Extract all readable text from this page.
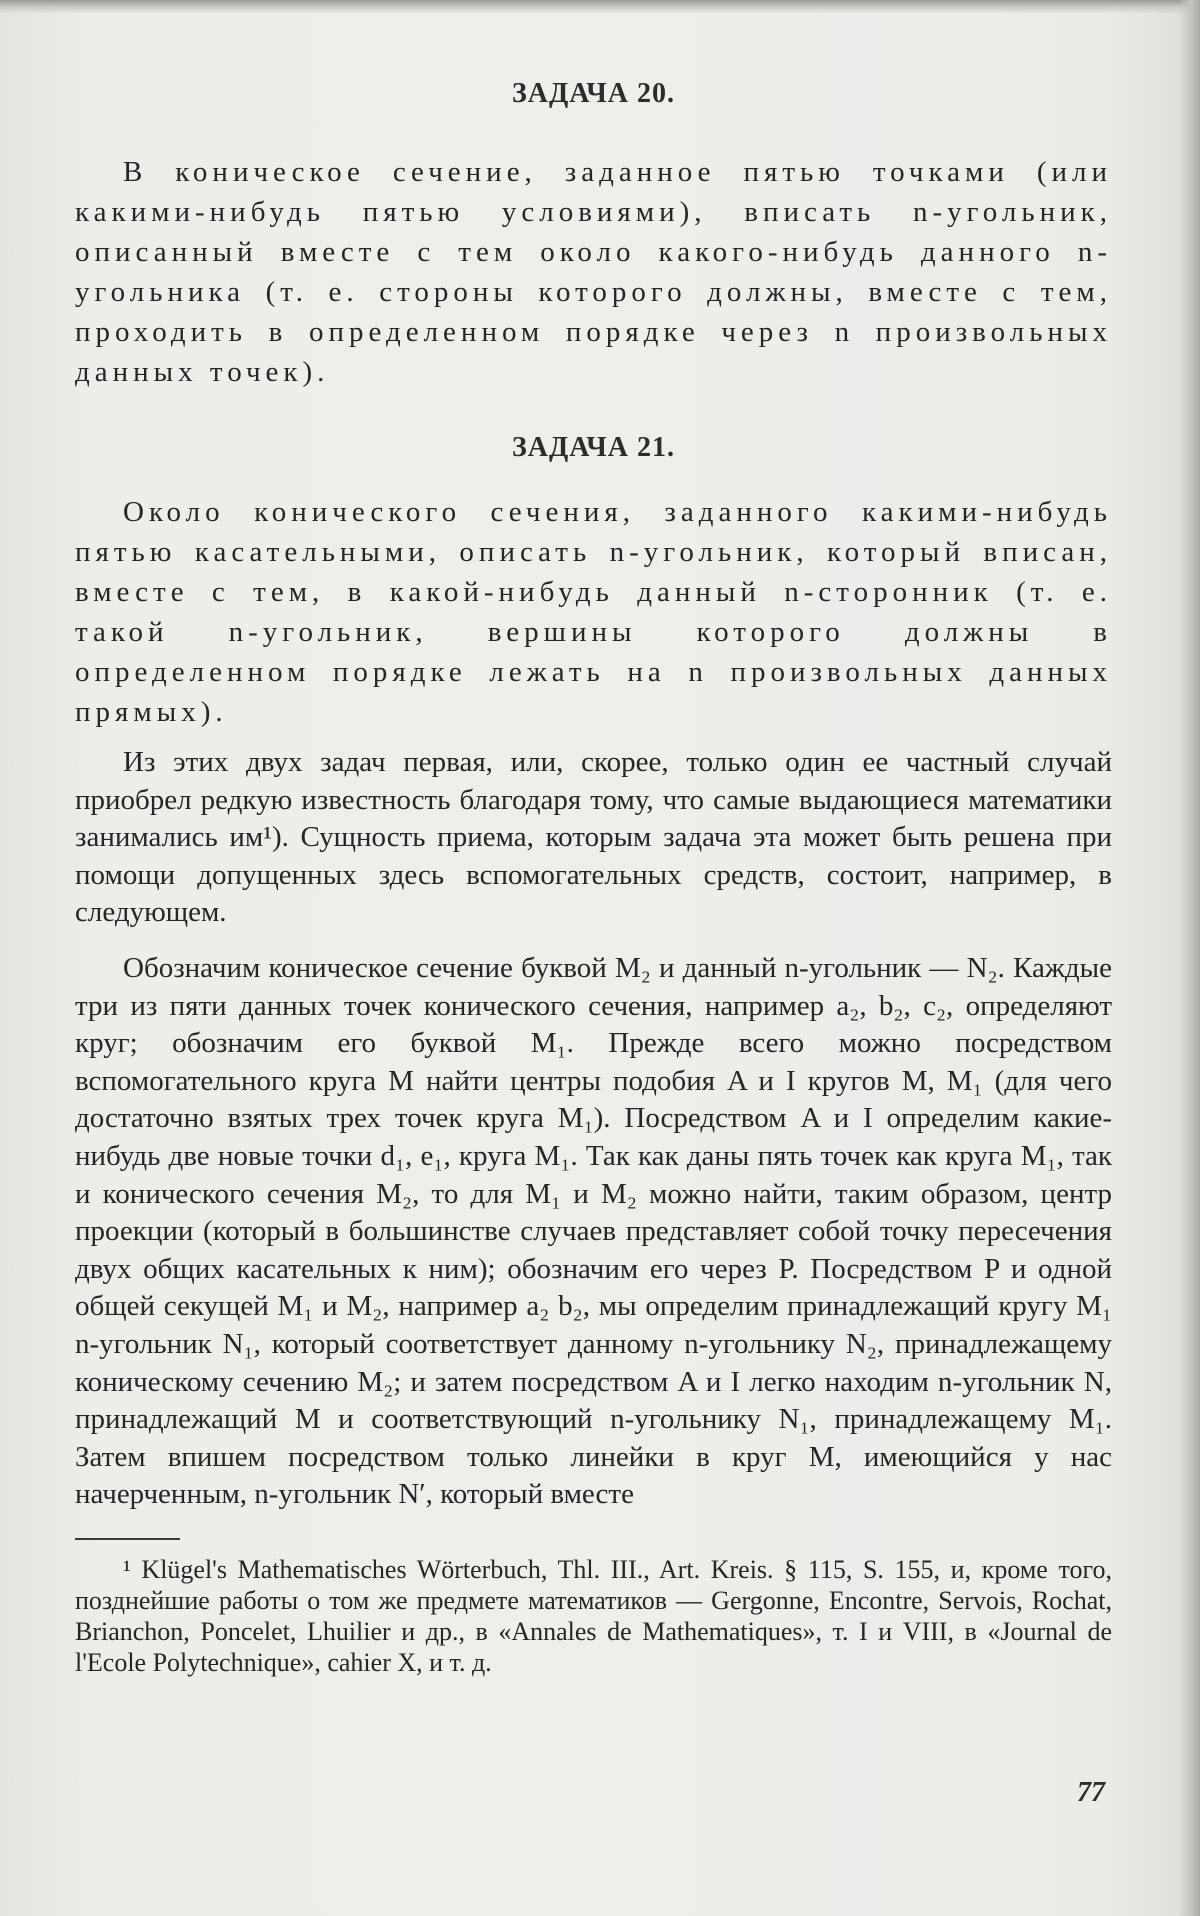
ЗАДАЧА 20.

В коническое сечение, заданное пятью точками (или какими-нибудь пятью условиями), вписать n-угольник, описанный вместе с тем около какого-нибудь данного n-угольника (т. е. стороны которого должны, вместе с тем, проходить в определенном порядке через n произвольных данных точек).

ЗАДАЧА 21.

Около конического сечения, заданного какими-нибудь пятью касательными, описать n-угольник, который вписан, вместе с тем, в какой-нибудь данный n-сторонник (т. е. такой n-угольник, вершины которого должны в определенном порядке лежать на n произвольных данных прямых).

Из этих двух задач первая, или, скорее, только один ее частный случай приобрел редкую известность благодаря тому, что самые выдающиеся математики занимались им¹). Сущность приема, которым задача эта может быть решена при помощи допущенных здесь вспомогательных средств, состоит, например, в следующем.

Обозначим коническое сечение буквой M₂ и данный n-угольник — N₂. Каждые три из пяти данных точек конического сечения, например a₂, b₂, c₂, определяют круг; обозначим его буквой M₁. Прежде всего можно посредством вспомогательного круга M найти центры подобия A и I кругов M, M₁ (для чего достаточно взятых трех точек круга M₁). Посредством A и I определим какие-нибудь две новые точки d₁, e₁, круга M₁. Так как даны пять точек как круга M₁, так и конического сечения M₂, то для M₁ и M₂ можно найти, таким образом, центр проекции (который в большинстве случаев представляет собой точку пересечения двух общих касательных к ним); обозначим его через P. Посредством P и одной общей секущей M₁ и M₂, например a₂ b₂, мы определим принадлежащий кругу M₁ n-угольник N₁, который соответствует данному n-угольнику N₂, принадлежащему коническому сечению M₂; и затем посредством A и I легко находим n-угольник N, принадлежащий M и соответствующий n-угольнику N₁, принадлежащему M₁. Затем впишем посредством только линейки в круг M, имеющийся у нас начерченным, n-угольник N′, который вместе

¹ Klügel's Mathematisches Wörterbuch, Thl. III., Art. Kreis. § 115, S. 155, и, кроме того, позднейшие работы о том же предмете математиков — Gergonne, Encontre, Servois, Rochat, Brianchon, Poncelet, Lhuilier и др., в «Annales de Mathematiques», т. I и VIII, в «Journal de l'Ecole Polytechnique», cahier X, и т. д.

77
